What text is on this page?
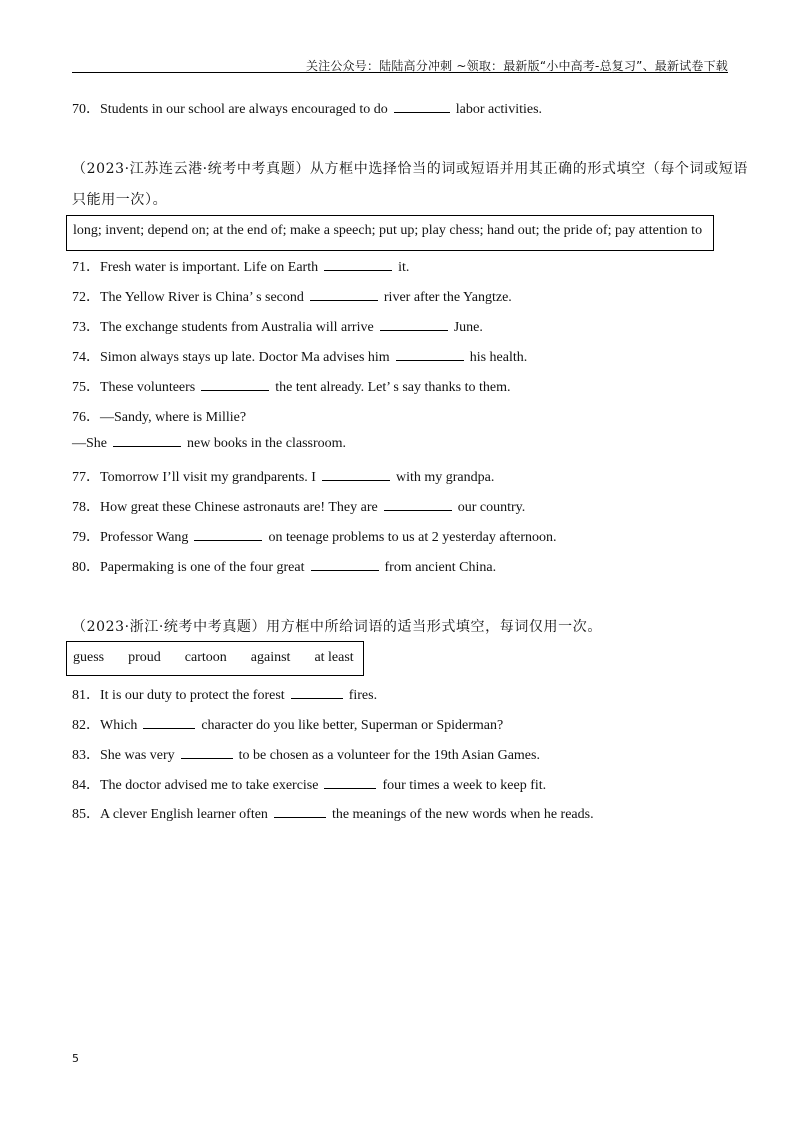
关注公众号：陆陆高分冲刺 ~领取：最新版“小中高考-总复习”、最新试卷下载
70．Students in our school are always encouraged to do	labor activities.
（2023·江苏连云港·统考中考真题）从方框中选择恰当的词或短语并用其正确的形式填空（每个词或短语
只能用一次）。
long; invent; depend on; at the end of; make a speech; put up; play chess; hand out; the pride of; pay attention to
71．Fresh water is important. Life on Earth	it.
72．The Yellow River is China’ s second	river after the Yangtze.
73．The exchange students from Australia will arrive	June.
74．Simon always stays up late. Doctor Ma advises him	his health.
75．These volunteers	the tent already. Let’ s say thanks to them.
76．—Sandy, where is Millie?
—She	new books in the classroom.
77．Tomorrow I’ll visit my grandparents. I	with my grandpa.
78．How great these Chinese astronauts are! They are	our country.
79．Professor Wang	on teenage problems to us at 2 yesterday afternoon.
80．Papermaking is one of the four great	from ancient China.
（2023·浙江·统考中考真题）用方框中所给词语的适当形式填空，每词仅用一次。
guess proud cartoon against at least
81．It is our duty to protect the forest	fires.
82．Which	character do you like better, Superman or Spiderman?
83．She was very	to be chosen as a volunteer for the 19th Asian Games.
84．The doctor advised me to take exercise	four times a week to keep fit.
85．A clever English learner often	the meanings of the new words when he reads.
5
